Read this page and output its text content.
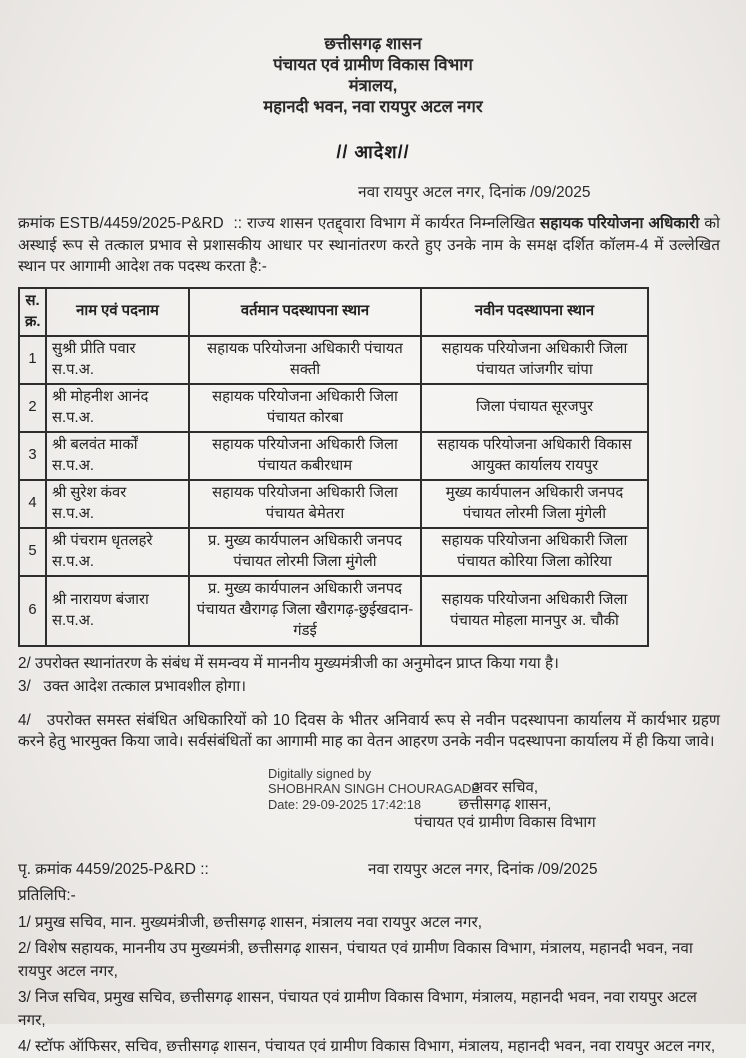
छत्तीसगढ़ शासन
पंचायत एवं ग्रामीण विकास विभाग
मंत्रालय,
महानदी भवन, नवा रायपुर अटल नगर
// आदेश//
नवा रायपुर अटल नगर, दिनांक /09/2025

क्रमांक ESTB/4459/2025-P&RD  :: राज्य शासन एतद्द्वारा विभाग में कार्यरत निम्नलिखित सहायक परियोजना अधिकारी को अस्थाई रूप से तत्काल प्रभाव से प्रशासकीय आधार पर स्थानांतरण करते हुए उनके नाम के समक्ष दर्शित कॉलम-4 में उल्लेखित स्थान पर आगामी आदेश तक पदस्थ करता है:-

स.
क्र.	नाम एवं पदनाम	वर्तमान पदस्थापना स्थान	नवीन पदस्थापना स्थान
1	सुश्री प्रीति पवार
स.प.अ.	सहायक परियोजना अधिकारी पंचायत सक्ती	सहायक परियोजना अधिकारी जिला पंचायत जांजगीर चांपा
2	श्री मोहनीश आनंद
स.प.अ.	सहायक परियोजना अधिकारी जिला पंचायत कोरबा	जिला पंचायत सूरजपुर
3	श्री बलवंत मार्कों
स.प.अ.	सहायक परियोजना अधिकारी जिला पंचायत कबीरधाम	सहायक परियोजना अधिकारी विकास आयुक्त कार्यालय रायपुर
4	श्री सुरेश कंवर
स.प.अ.	सहायक परियोजना अधिकारी जिला पंचायत बेमेतरा	मुख्य कार्यपालन अधिकारी जनपद पंचायत लोरमी जिला मुंगेली
5	श्री पंचराम धृतलहरे
स.प.अ.	प्र. मुख्य कार्यपालन अधिकारी जनपद पंचायत लोरमी जिला मुंगेली	सहायक परियोजना अधिकारी जिला पंचायत कोरिया जिला कोरिया
6	श्री नारायण बंजारा
स.प.अ.	प्र. मुख्य कार्यपालन अधिकारी जनपद पंचायत खैरागढ़ जिला खैरागढ़-छुईखदान-गंडई	सहायक परियोजना अधिकारी जिला पंचायत मोहला मानपुर अ. चौकी
2/ उपरोक्त स्थानांतरण के संबंध में समन्वय में माननीय मुख्यमंत्रीजी का अनुमोदन प्राप्त किया गया है।
3/   उक्त आदेश तत्काल प्रभावशील होगा।
4/   उपरोक्त समस्त संबंधित अधिकारियों को 10 दिवस के भीतर अनिवार्य रूप से नवीन पदस्थापना कार्यालय में कार्यभार ग्रहण करने हेतु भारमुक्त किया जावे। सर्वसंबंधितों का आगामी माह का वेतन आहरण उनके नवीन पदस्थापना कार्यालय में ही किया जावे।
Digitally signed by
SHOBHRAN SINGH CHOURAGADE
Date: 29-09-2025 17:42:18
अवर सचिव,
छत्तीसगढ़ शासन,
पंचायत एवं ग्रामीण विकास विभाग
पृ. क्रमांक 4459/2025-P&RD ::	नवा रायपुर अटल नगर, दिनांक /09/2025
प्रतिलिपि:-
1/ प्रमुख सचिव, मान. मुख्यमंत्रीजी, छत्तीसगढ़ शासन, मंत्रालय नवा रायपुर अटल नगर,
2/ विशेष सहायक, माननीय उप मुख्यमंत्री, छत्तीसगढ़ शासन, पंचायत एवं ग्रामीण विकास विभाग, मंत्रालय, महानदी भवन, नवा रायपुर अटल नगर,
3/ निज सचिव, प्रमुख सचिव, छत्तीसगढ़ शासन, पंचायत एवं ग्रामीण विकास विभाग, मंत्रालय, महानदी भवन, नवा रायपुर अटल नगर,
4/ स्टॉफ ऑफिसर, सचिव, छत्तीसगढ़ शासन, पंचायत एवं ग्रामीण विकास विभाग, मंत्रालय, महानदी भवन, नवा रायपुर अटल नगर,
